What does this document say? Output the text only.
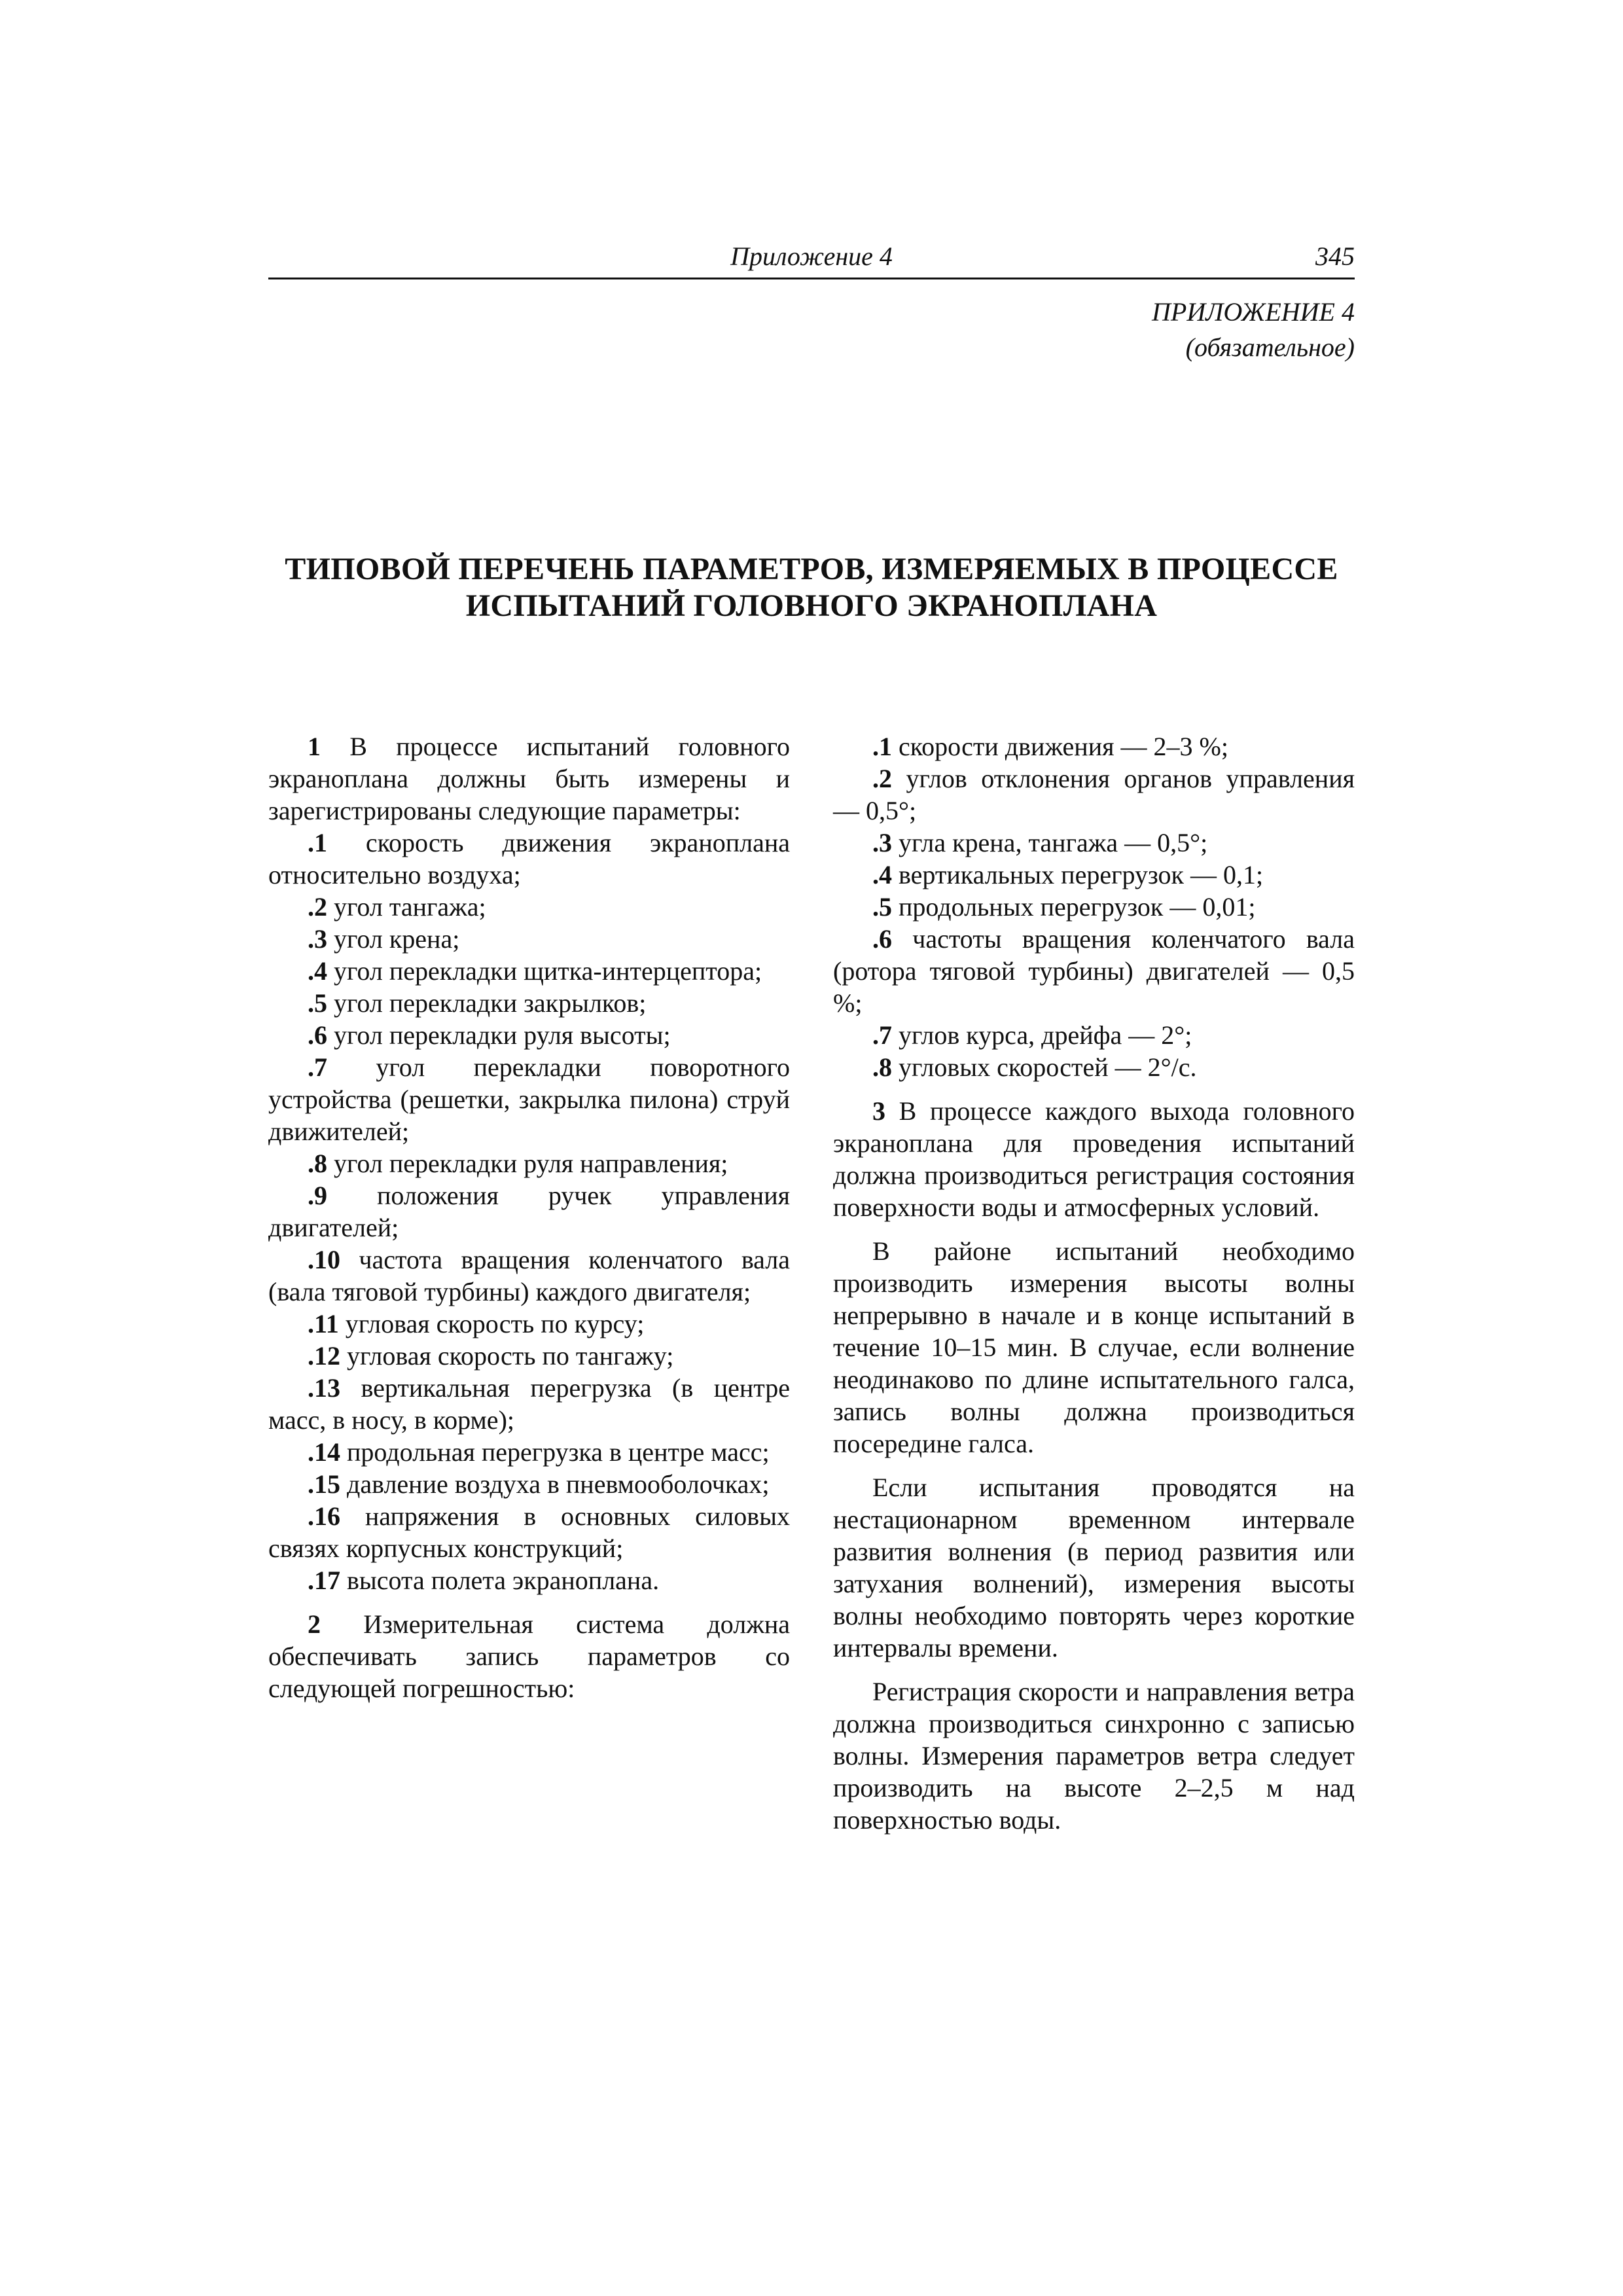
Приложение 4	345
ПРИЛОЖЕНИЕ 4
(обязательное)
ТИПОВОЙ ПЕРЕЧЕНЬ ПАРАМЕТРОВ, ИЗМЕРЯЕМЫХ В ПРОЦЕССЕ
ИСПЫТАНИЙ ГОЛОВНОГО ЭКРАНОПЛАНА

1 В процессе испытаний головного экраноплана должны быть измерены и зарегистрированы следующие параметры:

.1 скорость движения экраноплана относительно воздуха;

.2 угол тангажа;

.3 угол крена;

.4 угол перекладки щитка-интерцептора;

.5 угол перекладки закрылков;

.6 угол перекладки руля высоты;

.7 угол перекладки поворотного устройства (решетки, закрылка пилона) струй движителей;

.8 угол перекладки руля направления;

.9 положения ручек управления двигателей;

.10 частота вращения коленчатого вала (вала тяговой турбины) каждого двигателя;

.11 угловая скорость по курсу;

.12 угловая скорость по тангажу;

.13 вертикальная перегрузка (в центре масс, в носу, в корме);

.14 продольная перегрузка в центре масс;

.15 давление воздуха в пневмооболочках;

.16 напряжения в основных силовых связях корпусных конструкций;

.17 высота полета экраноплана.

2 Измерительная система должна обеспечивать запись параметров со следующей погрешностью:

.1 скорости движения — 2–3 %;

.2 углов отклонения органов управления — 0,5°;

.3 угла крена, тангажа — 0,5°;

.4 вертикальных перегрузок — 0,1;

.5 продольных перегрузок — 0,01;

.6 частоты вращения коленчатого вала (ротора тяговой турбины) двигателей — 0,5 %;

.7 углов курса, дрейфа — 2°;

.8 угловых скоростей — 2°/с.

3 В процессе каждого выхода головного экраноплана для проведения испытаний должна производиться регистрация состояния поверхности воды и атмосферных условий.

В районе испытаний необходимо производить измерения высоты волны непрерывно в начале и в конце испытаний в течение 10–15 мин. В случае, если волнение неодинаково по длине испытательного галса, запись волны должна производиться посередине галса.

Если испытания проводятся на нестационарном временном интервале развития волнения (в период развития или затухания волнений), измерения высоты волны необходимо повторять через короткие интервалы времени.

Регистрация скорости и направления ветра должна производиться синхронно с записью волны. Измерения параметров ветра следует производить на высоте 2–2,5 м над поверхностью воды.
